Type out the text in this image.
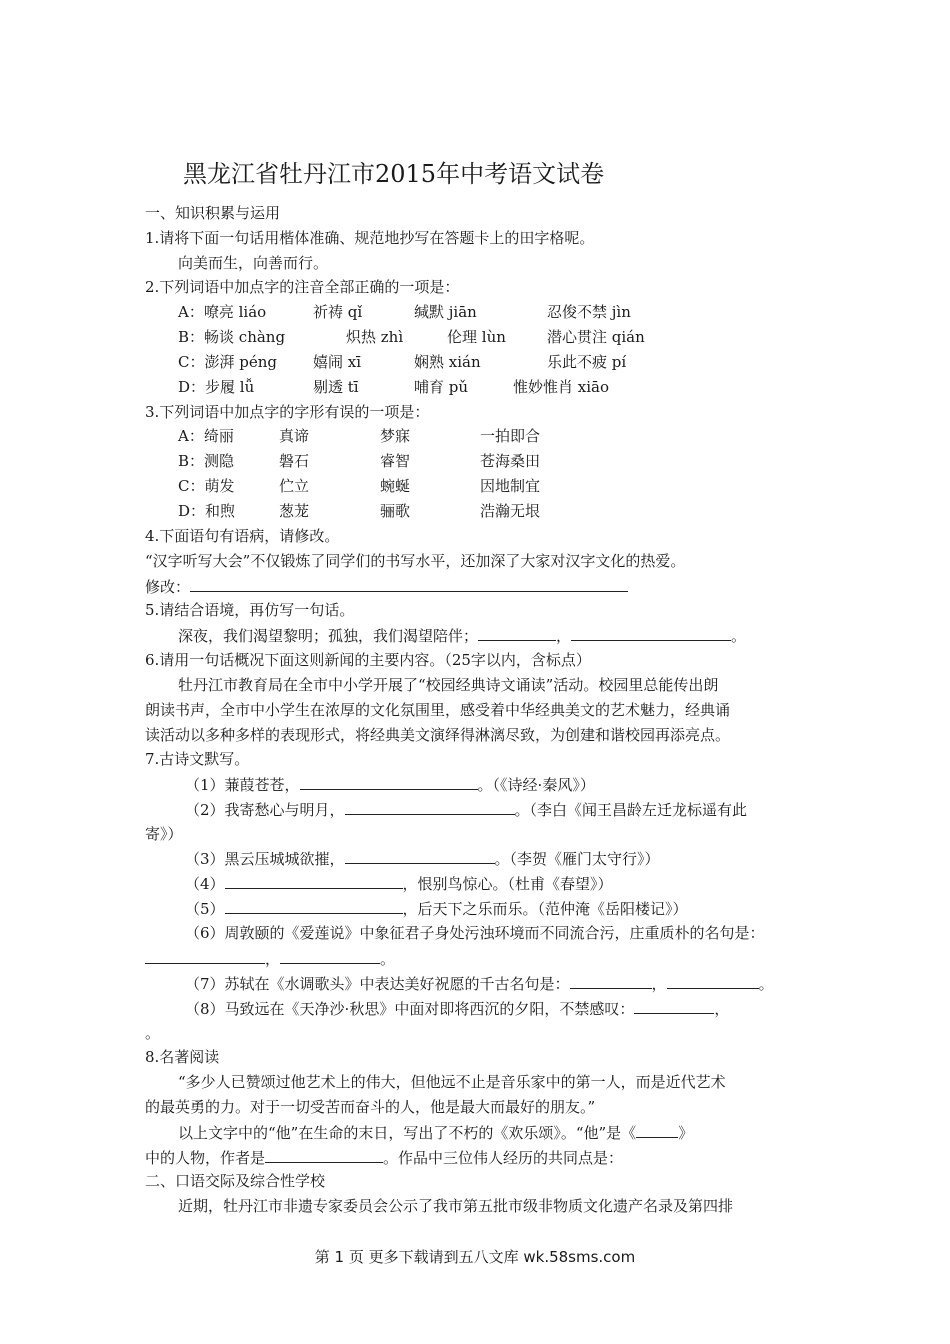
黑龙江省牡丹江市2015年中考语文试卷
一、知识积累与运用
1.请将下面一句话用楷体准确、规范地抄写在答题卡上的田字格呢。
向美而生，向善而行。
2.下列词语中加点字的注音全部正确的一项是：
A：嘹亮 liáo	祈祷 qǐ	缄默 jiān	忍俊不禁 jìn
B：畅谈 chàng	炽热 zhì	伦理 lùn	潜心贯注 qián
C：澎湃 péng 嬉闹 xī	娴熟 xián	乐此不疲 pí
D：步履 lǚ	剔透 tī	哺育 pǔ	惟妙惟肖 xiāo
3.下列词语中加点字的字形有误的一项是：
A：绮丽	真谛	梦寐	一拍即合
B：测隐	磐石	睿智	苍海桑田
C：萌发	伫立	蜿蜒	因地制宜
D：和煦	葱茏	骊歌	浩瀚无垠
4.下面语句有语病，请修改。
“汉字听写大会”不仅锻炼了同学们的书写水平，还加深了大家对汉字文化的热爱。
修改：
5.请结合语境，再仿写一句话。
深夜，我们渴望黎明；孤独，我们渴望陪伴；	，	。
6.请用一句话概况下面这则新闻的主要内容。（25字以内，含标点）
牡丹江市教育局在全市中小学开展了“校园经典诗文诵读”活动。校园里总能传出朗
朗读书声，全市中小学生在浓厚的文化氛围里，感受着中华经典美文的艺术魅力，经典诵
读活动以多种多样的表现形式，将经典美文演绎得淋漓尽致，为创建和谐校园再添亮点。
7.古诗文默写。
（1）蒹葭苍苍，	。（《诗经·秦风》）
（2）我寄愁心与明月，	。（李白《闻王昌龄左迁龙标遥有此
寄》）
（3）黑云压城城欲摧，	。（李贺《雁门太守行》）
（4）	，恨别鸟惊心。（杜甫《春望》）
（5）	，后天下之乐而乐。（范仲淹《岳阳楼记》）
（6）周敦颐的《爱莲说》中象征君子身处污浊环境而不同流合污，庄重质朴的名句是：
，	。
（7）苏轼在《水调歌头》中表达美好祝愿的千古名句是：	，	。
（8）马致远在《天净沙·秋思》中面对即将西沉的夕阳，不禁感叹：	，
。
8.名著阅读
“多少人已赞颂过他艺术上的伟大，但他远不止是音乐家中的第一人，而是近代艺术
的最英勇的力。对于一切受苦而奋斗的人，他是最大而最好的朋友。”
以上文字中的“他”在生命的末日，写出了不朽的《欢乐颂》。“他”是《	》
中的人物，作者是	。作品中三位伟人经历的共同点是：
二、口语交际及综合性学校
近期，牡丹江市非遗专家委员会公示了我市第五批市级非物质文化遗产名录及第四排
第 1 页 更多下载请到五八文库 wk.58sms.com
